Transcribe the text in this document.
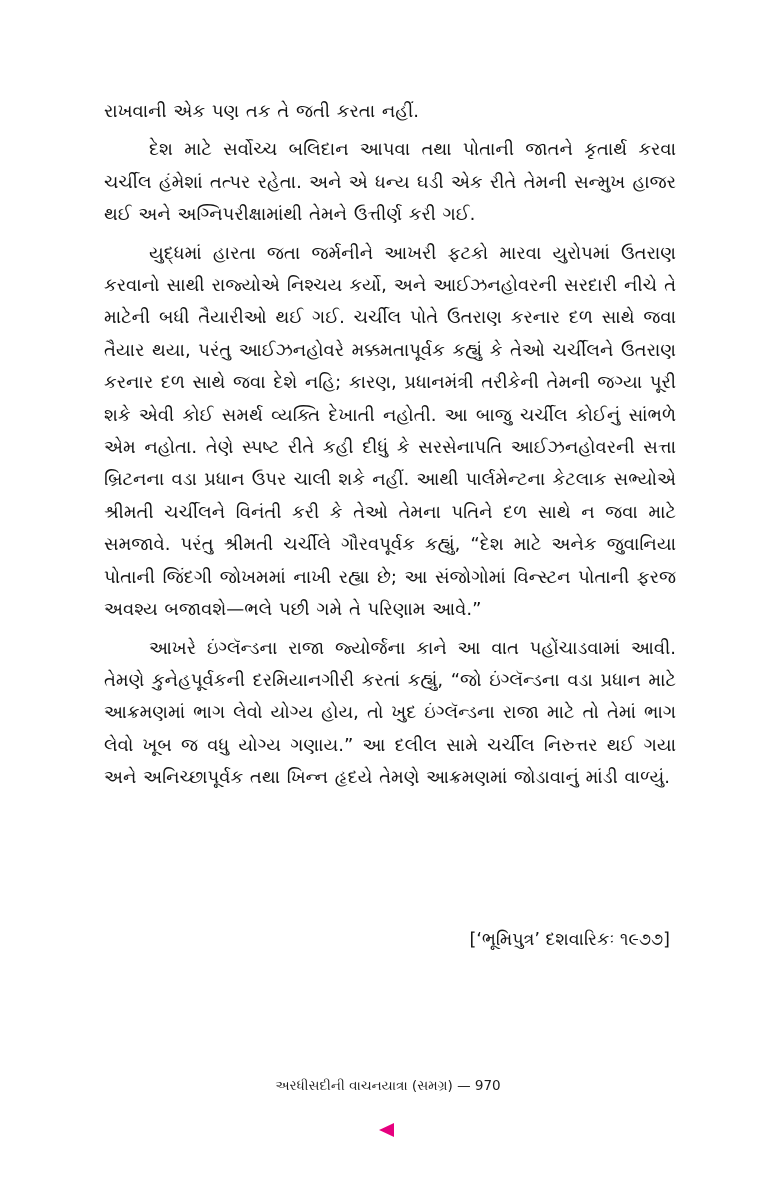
રાખવાની એક પણ તક તે જતી કરતા નહીં.

દેશ માટે સર્વોચ્ચ બલિદાન આપવા તથા પોતાની જાતને કૃતાર્થ કરવા ચર્ચીલ હંમેશાં તત્પર રહેતા. અને એ ધન્ય ઘડી એક રીતે તેમની સન્મુખ હાજર થઈ અને અગ્નિપરીક્ષામાંથી તેમને ઉત્તીર્ણ કરી ગઈ.

યુદ્ધમાં હારતા જતા જર્મનીને આખરી ફટકો મારવા યુરોપમાં ઉતરાણ કરવાનો સાથી રાજ્યોએ નિશ્ચય કર્યો, અને આઈઝનહોવરની સરદારી નીચે તે માટેની બધી તૈયારીઓ થઈ ગઈ. ચર્ચીલ પોતે ઉતરાણ કરનાર દળ સાથે જવા તૈયાર થયા, પરંતુ આઈઝનહોવરે મક્કમતાપૂર્વક કહ્યું કે તેઓ ચર્ચીલને ઉતરાણ કરનાર દળ સાથે જવા દેશે નહિ; કારણ, પ્રધાનમંત્રી તરીકેની તેમની જગ્યા પૂરી શકે એવી કોઈ સમર્થ વ્યક્તિ દેખાતી નહોતી. આ બાજુ ચર્ચીલ કોઈનું સાંભળે એમ નહોતા. તેણે સ્પષ્ટ રીતે કહી દીધું કે સરસેનાપતિ આઈઝનહોવરની સત્તા બ્રિટનના વડા પ્રધાન ઉપર ચાલી શકે નહીં. આથી પાર્લમેન્ટના કેટલાક સભ્યોએ શ્રીમતી ચર્ચીલને વિનંતી કરી કે તેઓ તેમના પતિને દળ સાથે ન જવા માટે સમજાવે. પરંતુ શ્રીમતી ચર્ચીલે ગૌરવપૂર્વક કહ્યું, “દેશ માટે અનેક જુવાનિયા પોતાની જિંદગી જોખમમાં નાખી રહ્યા છે; આ સંજોગોમાં વિન્સ્ટન પોતાની ફરજ અવશ્ય બજાવશે—ભલે પછી ગમે તે પરિણામ આવે.”

આખરે ઇંગ્લૅન્ડના રાજા જ્યોર્જના કાને આ વાત પહોંચાડવામાં આવી. તેમણે કુનેહપૂર્વકની દરમિયાનગીરી કરતાં કહ્યું, “જો ઇંગ્લૅન્ડના વડા પ્રધાન માટે આક્રમણમાં ભાગ લેવો યોગ્ય હોય, તો ખુદ ઇંગ્લૅન્ડના રાજા માટે તો તેમાં ભાગ લેવો ખૂબ જ વધુ યોગ્ય ગણાય.” આ દલીલ સામે ચર્ચીલ નિરુત્તર થઈ ગયા અને અનિચ્છાપૂર્વક તથા ખિન્ન હૃદયે તેમણે આક્રમણમાં જોડાવાનું માંડી વાળ્યું.

[‘ભૂમિપુત્ર’ દશવારિકઃ ૧૯૭૭]
અરધીસદીની વાચનયાત્રા (સમગ્ર) — 970
